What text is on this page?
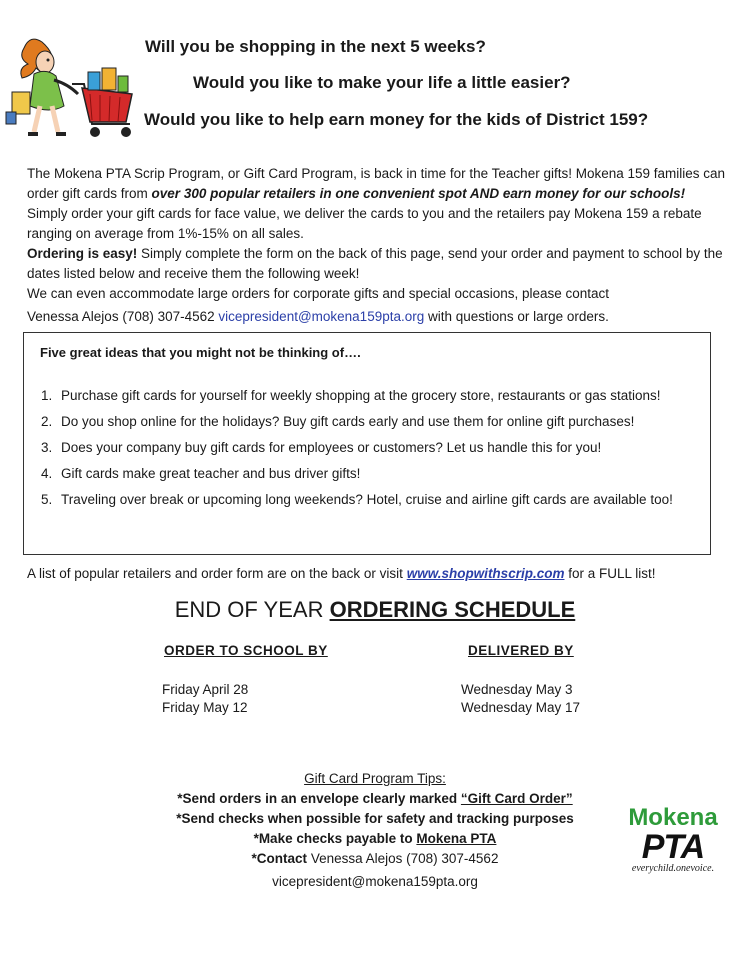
Will you be shopping in the next 5 weeks?
Would you like to make your life a little easier?
Would you like to help earn money for the kids of District 159?

The Mokena PTA Scrip Program, or Gift Card Program, is back in time for the Teacher gifts! Mokena 159 families can order gift cards from over 300 popular retailers in one convenient spot AND earn money for our schools! Simply order your gift cards for face value, we deliver the cards to you and the retailers pay Mokena 159 a rebate ranging on average from 1%-15% on all sales.

Ordering is easy! Simply complete the form on the back of this page, send your order and payment to school by the dates listed below and receive them the following week!

We can even accommodate large orders for corporate gifts and special occasions, please contact

Venessa Alejos (708) 307-4562 vicepresident@mokena159pta.org with questions or large orders.

Five great ideas that you might not be thinking of….
1. Purchase gift cards for yourself for weekly shopping at the grocery store, restaurants or gas stations!
2. Do you shop online for the holidays? Buy gift cards early and use them for online gift purchases!
3. Does your company buy gift cards for employees or customers? Let us handle this for you!
4. Gift cards make great teacher and bus driver gifts!
5. Traveling over break or upcoming long weekends? Hotel, cruise and airline gift cards are available too!
A list of popular retailers and order form are on the back or visit www.shopwithscrip.com for a FULL list!
END OF YEAR ORDERING SCHEDULE
ORDER TO SCHOOL BY	DELIVERED BY
Friday April 28
Friday May 12
Wednesday May 3
Wednesday May 17

Gift Card Program Tips:

*Send orders in an envelope clearly marked “Gift Card Order”

*Send checks when possible for safety and tracking purposes

*Make checks payable to Mokena PTA

*Contact Venessa Alejos (708) 307-4562

vicepresident@mokena159pta.org

Mokena
PTA
everychild.onevoice.
